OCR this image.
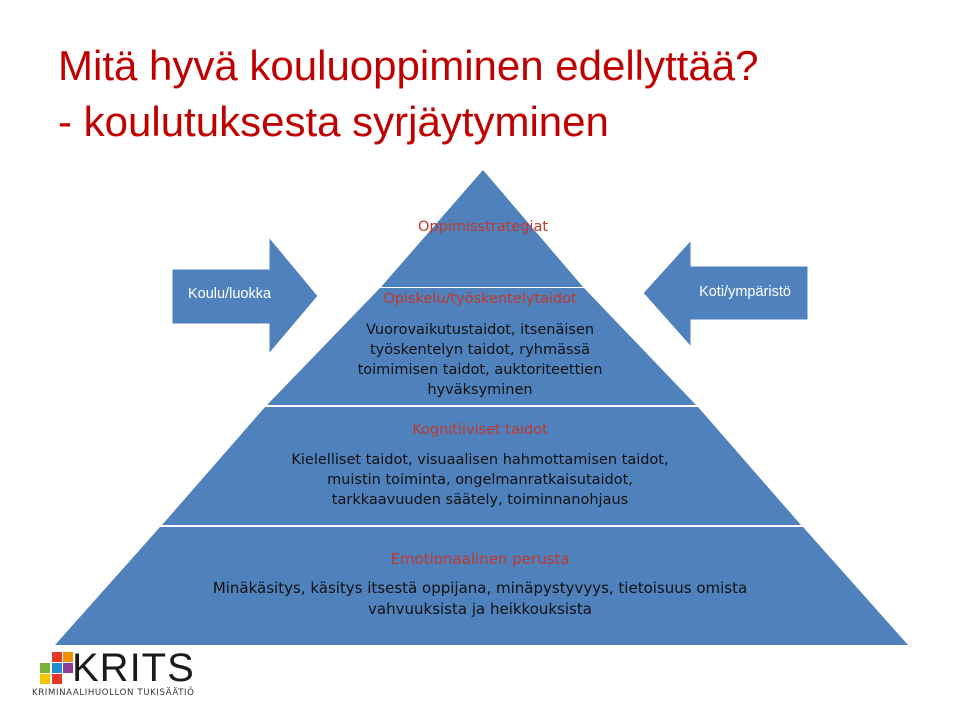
Mitä hyvä kouluoppiminen edellyttää?
- koulutuksesta syrjäytyminen
Koulu/luokka	Koti/ympäristö
Oppimisstrategiat
Opiskelu/työskentelytaidot
Vuorovaikutustaidot, itsenäisen
työskentelyn taidot, ryhmässä
toimimisen taidot, auktoriteettien
hyväksyminen
Kognitiiviset taidot
Kielelliset taidot, visuaalisen hahmottamisen taidot,
muistin toiminta, ongelmanratkaisutaidot,
tarkkaavuuden säätely, toiminnanohjaus
Emotionaalinen perusta
Minäkäsitys, käsitys itsestä oppijana, minäpystyvyys, tietoisuus omista
vahvuuksista ja heikkouksista
KRITS
KRIMINAALIHUOLLON TUKISÄÄTIÖ
